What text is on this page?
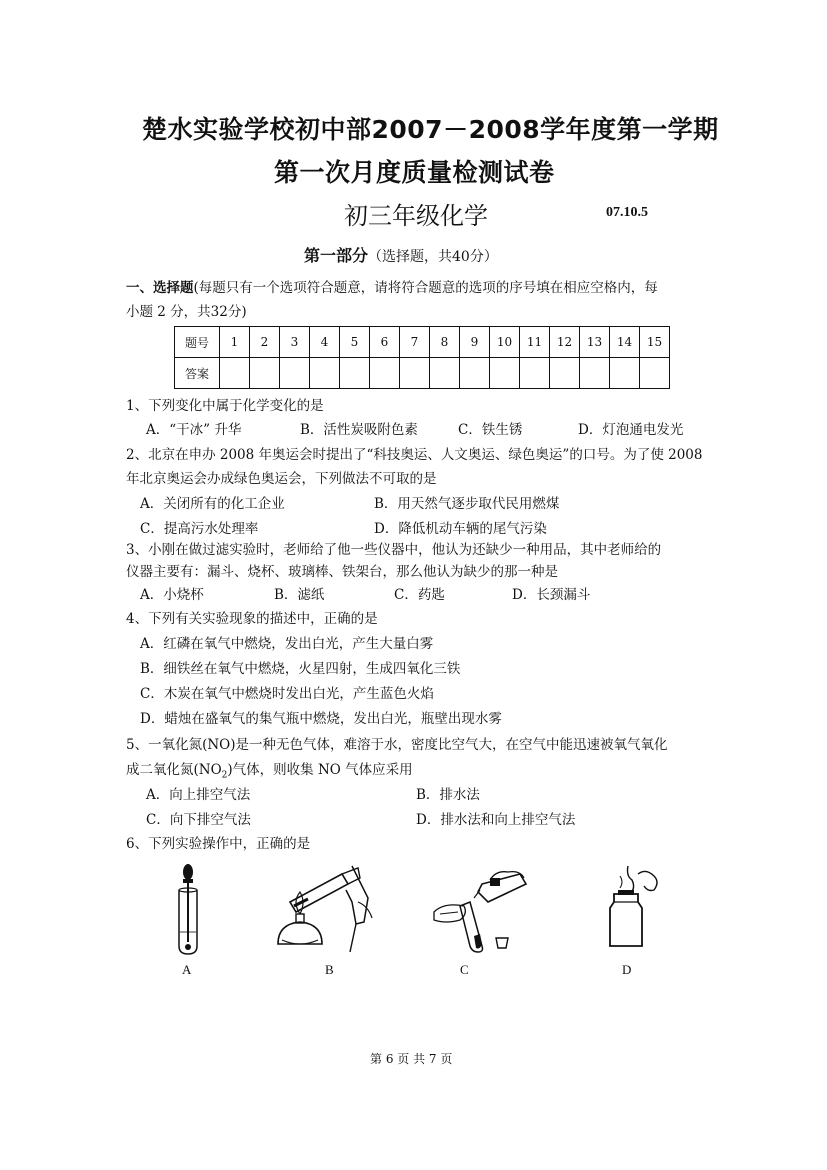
楚水实验学校初中部2007－2008学年度第一学期
第一次月度质量检测试卷
初三年级化学	07.10.5
第一部分（选择题，共40分）
一、选择题(每题只有一个选项符合题意，请将符合题意的选项的序号填在相应空格内，每
小题 2 分，共32分)
题号	1	2	3	4	5	6	7	8	9	10	11	12	13	14	15
答案															
1、下列变化中属于化学变化的是
A．“干冰” 升华	B．活性炭吸附色素	C．铁生锈	D．灯泡通电发光
2、北京在申办 2008 年奥运会时提出了“科技奥运、人文奥运、绿色奥运”的口号。为了使 2008
年北京奥运会办成绿色奥运会，下列做法不可取的是
A．关闭所有的化工企业	B．用天然气逐步取代民用燃煤
C．提高污水处理率	D．降低机动车辆的尾气污染
3、小刚在做过滤实验时，老师给了他一些仪器中，他认为还缺少一种用品，其中老师给的
仪器主要有：漏斗、烧杯、玻璃棒、铁架台，那么他认为缺少的那一种是
A．小烧杯	B．滤纸	C．药匙	D．长颈漏斗
4、下列有关实验现象的描述中，正确的是
A．红磷在氧气中燃烧，发出白光，产生大量白雾
B．细铁丝在氧气中燃烧，火星四射，生成四氧化三铁
C．木炭在氧气中燃烧时发出白光，产生蓝色火焰
D．蜡烛在盛氧气的集气瓶中燃烧，发出白光，瓶壁出现水雾
5、一氧化氮(NO)是一种无色气体，难溶于水，密度比空气大，在空气中能迅速被氧气氧化
成二氧化氮$(NO_2)$气体，则收集 NO 气体应采用
A．向上排空气法	B．排水法
C．向下排空气法	D．排水法和向上排空气法
6、下列实验操作中，正确的是
A	B	C	D
第 6 页 共 7 页
